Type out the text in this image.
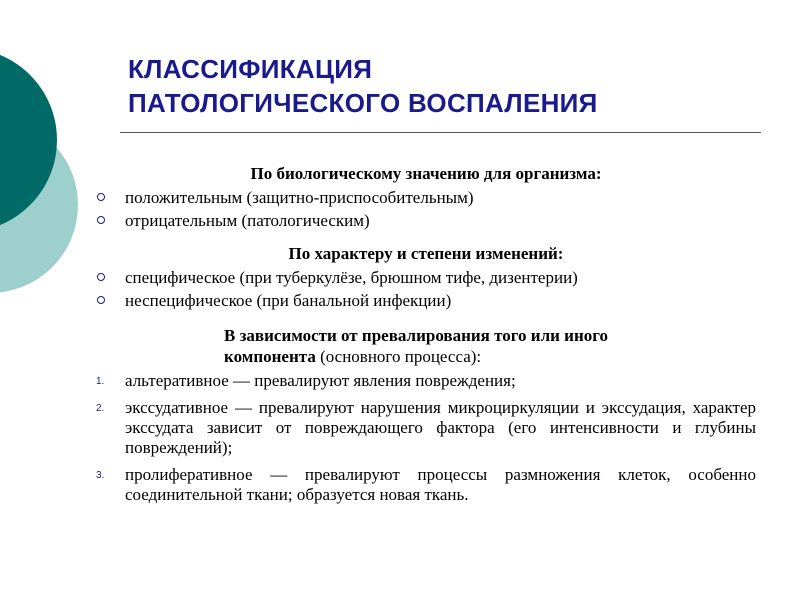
КЛАССИФИКАЦИЯ
ПАТОЛОГИЧЕСКОГО ВОСПАЛЕНИЯ
По биологическому значению для организма:
положительным (защитно-приспособительным)
отрицательным (патологическим)
По характеру и степени изменений:
специфическое (при туберкулёзе, брюшном тифе, дизентерии)
неспецифическое (при банальной инфекции)
В зависимости от превалирования того или иного
компонента (основного процесса):
1. альтеративное — превалируют явления повреждения;
2. экссудативное — превалируют нарушения микроциркуляции и экссудация, характер экссудата зависит от повреждающего фактора (его интенсивности и глубины повреждений);
3. пролиферативное — превалируют процессы размножения клеток, особенно соединительной ткани; образуется новая ткань.
